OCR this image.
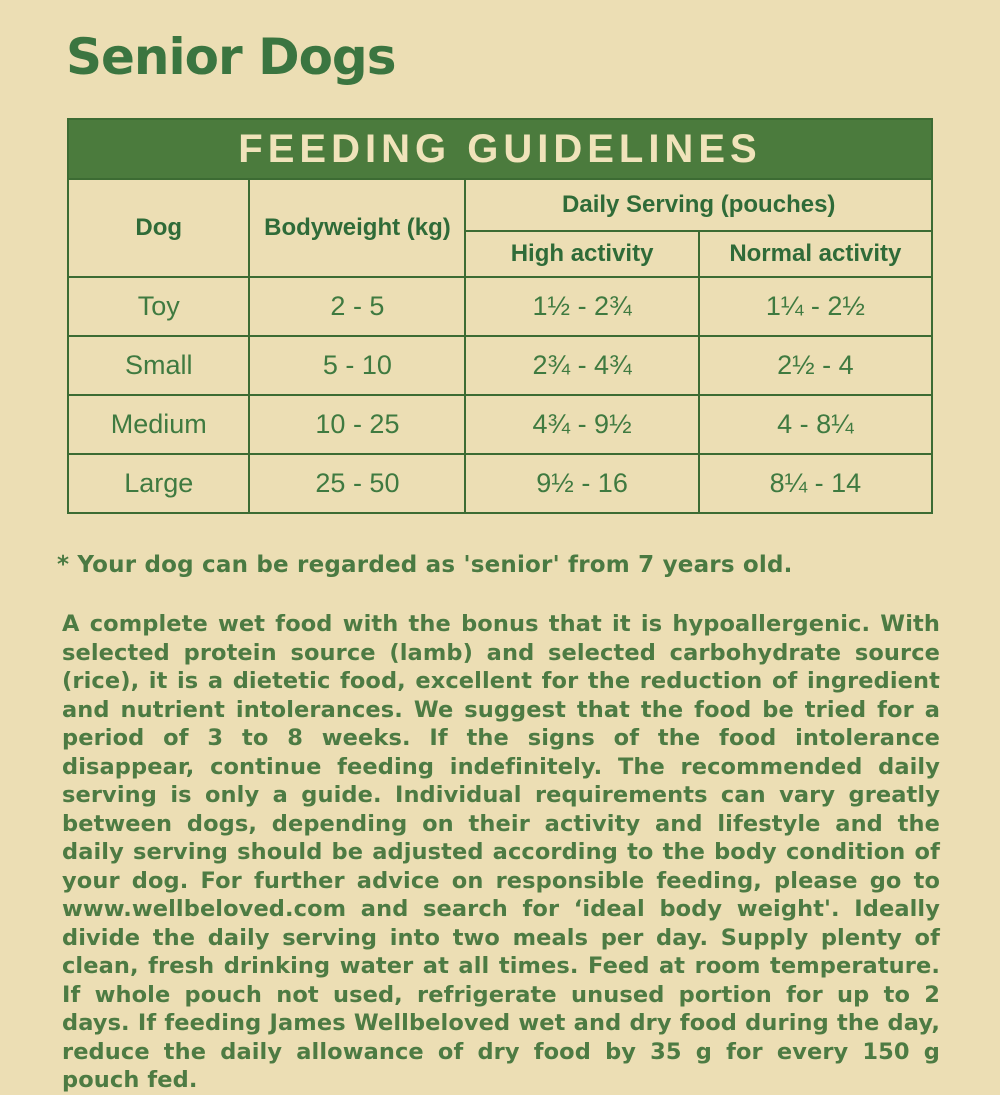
Senior Dogs
FEEDING GUIDELINES			
Dog	Bodyweight (kg)	Daily Serving (pouches)	
		High activity	Normal activity
Toy	2 - 5	1½ - 2¾	1¼ - 2½
Small	5 - 10	2¾ - 4¾	2½ - 4
Medium	10 - 25	4¾ - 9½	4 - 8¼
Large	25 - 50	9½ - 16	8¼ - 14

* Your dog can be regarded as 'senior' from 7 years old.

A complete wet food with the bonus that it is hypoallergenic. With selected protein source (lamb) and selected carbohydrate source (rice), it is a dietetic food, excellent for the reduction of ingredient and nutrient intolerances. We suggest that the food be tried for a period of 3 to 8 weeks. If the signs of the food intolerance disappear, continue feeding indefinitely. The recommended daily serving is only a guide. Individual requirements can vary greatly between dogs, depending on their activity and lifestyle and the daily serving should be adjusted according to the body condition of your dog. For further advice on responsible feeding, please go to www.wellbeloved.com and search for ‘ideal body weight'. Ideally divide the daily serving into two meals per day. Supply plenty of clean, fresh drinking water at all times. Feed at room temperature. If whole pouch not used, refrigerate unused portion for up to 2 days. If feeding James Wellbeloved wet and dry food during the day, reduce the daily allowance of dry food by 35 g for every 150 g pouch fed.
